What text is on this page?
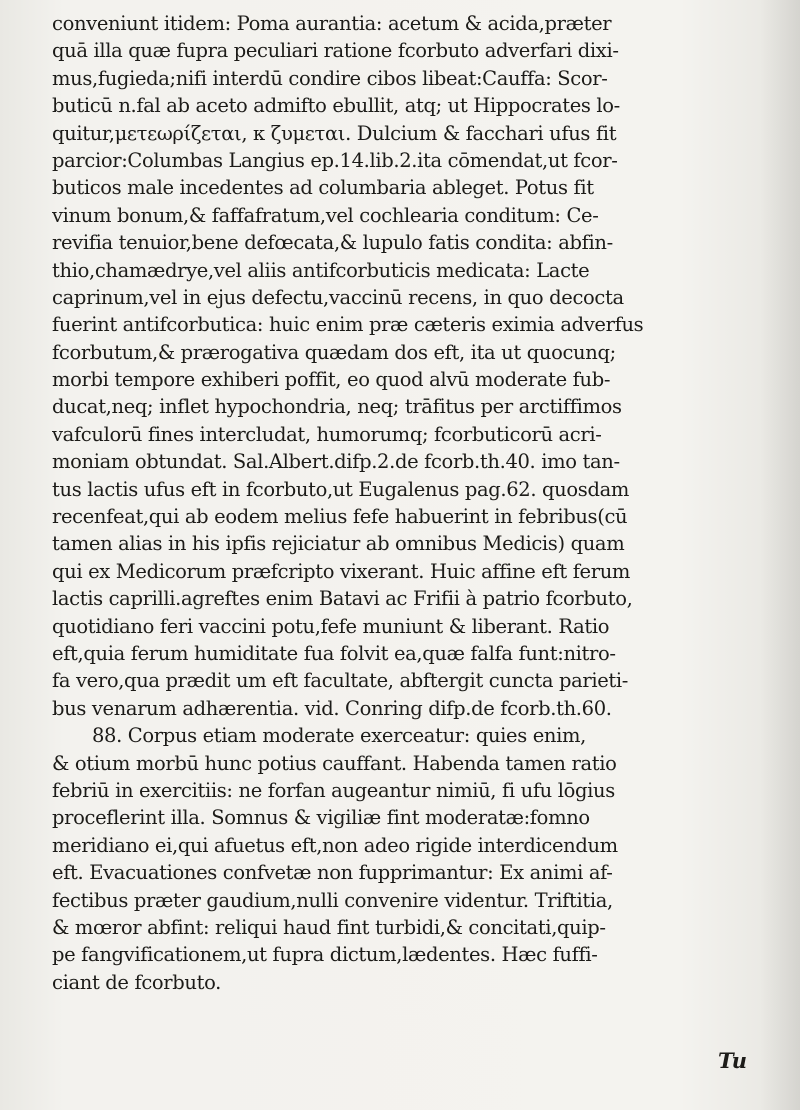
conveniunt itidem: Poma aurantia: acetum & acida,præter
quā illa quæ fupra peculiari ratione fcorbuto adverfari dixi-
mus,fugieda;nifi interdū condire cibos libeat:Cauffa: Scor-
buticū n.fal ab aceto admifto ebullit, atq; ut Hippocrates lo-
quitur,μετεωρίζεται, κ ζυμεται. Dulcium & facchari ufus fit
parcior:Columbas Langius ep.14.lib.2.ita cōmendat,ut fcor-
buticos male incedentes ad columbaria ableget. Potus fit
vinum bonum,& faffafratum,vel cochlearia conditum: Ce-
revifia tenuior,bene defœcata,& lupulo fatis condita: abfin-
thio,chamædrye,vel aliis antifcorbuticis medicata: Lacte
caprinum,vel in ejus defectu,vaccinū recens, in quo decocta
fuerint antifcorbutica: huic enim præ cæteris eximia adverfus
fcorbutum,& prærogativa quædam dos eft, ita ut quocunq;
morbi tempore exhiberi poffit, eo quod alvū moderate fub-
ducat,neq; inflet hypochondria, neq; trāfitus per arctiffimos
vafculorū fines intercludat, humorumq; fcorbuticorū acri-
moniam obtundat. Sal.Albert.difp.2.de fcorb.th.40. imo tan-
tus lactis ufus eft in fcorbuto,ut Eugalenus pag.62. quosdam
recenfeat,qui ab eodem melius fefe habuerint in febribus(cū
tamen alias in his ipfis rejiciatur ab omnibus Medicis) quam
qui ex Medicorum præfcripto vixerant. Huic affine eft ferum
lactis caprilli.agreftes enim Batavi ac Frifii à patrio fcorbuto,
quotidiano feri vaccini potu,fefe muniunt & liberant. Ratio
eft,quia ferum humiditate fua folvit ea,quæ falfa funt:nitro-
fa vero,qua prædit um eft facultate, abftergit cuncta parieti-
bus venarum adhærentia. vid. Conring difp.de fcorb.th.60.
88. Corpus etiam moderate exerceatur: quies enim,
& otium morbū hunc potius cauffant. Habenda tamen ratio
febriū in exercitiis: ne forfan augeantur nimiū, fi ufu lōgius
proceflerint illa. Somnus & vigiliæ fint moderatæ:fomno
meridiano ei,qui afuetus eft,non adeo rigide interdicendum
eft. Evacuationes confvetæ non fupprimantur: Ex animi af-
fectibus præter gaudium,nulli convenire videntur. Triftitia,
& mœror abfint: reliqui haud fint turbidi,& concitati,quip-
pe fangvificationem,ut fupra dictum,lædentes. Hæc fuffi-
ciant de fcorbuto.
Tu
